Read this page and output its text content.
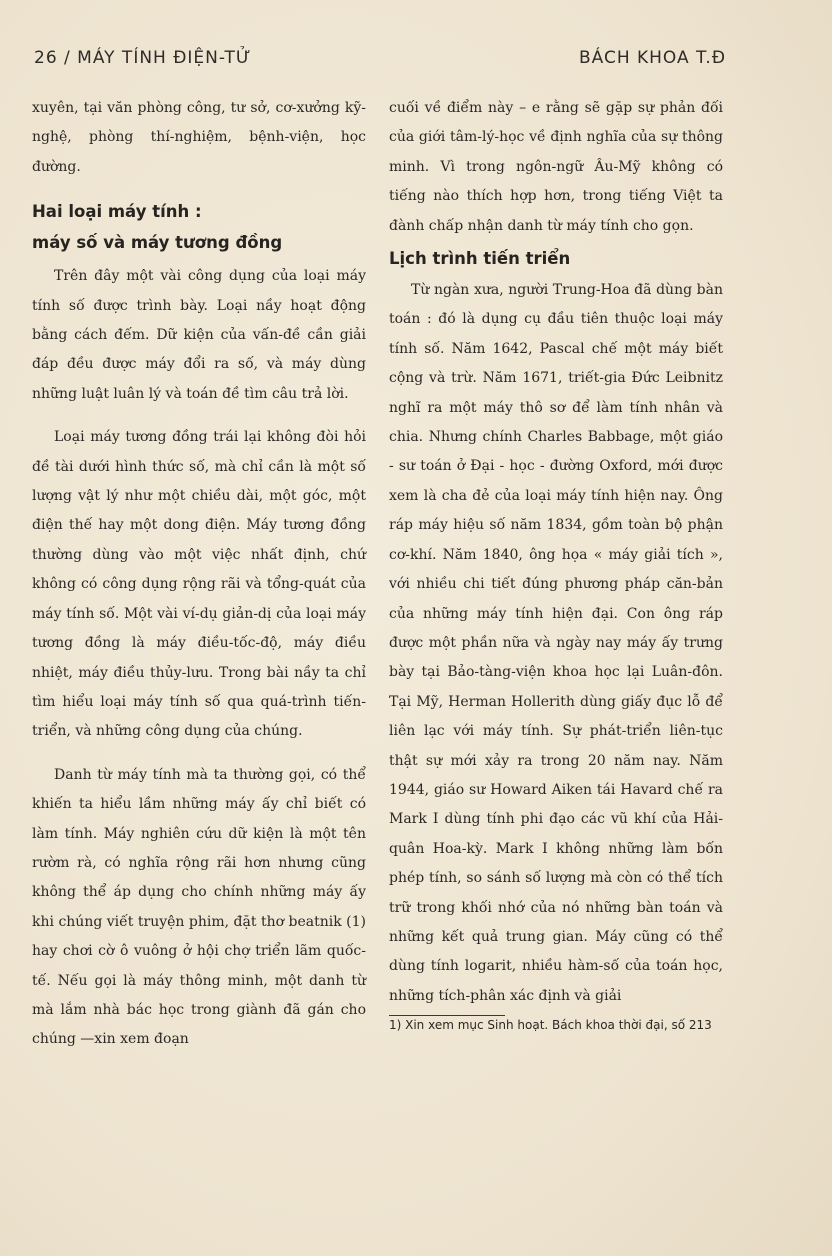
26 / MÁY TÍNH ĐIỆN-TỬ	BÁCH KHOA T.Đ

xuyên, tại văn phòng công, tư sở, cơ-xưởng kỹ-nghệ, phòng thí-nghiệm, bệnh-viện, học đường.

Hai loại máy tính :
máy số và máy tương đồng

Trên đây một vài công dụng của loại máy tính số được trình bày. Loại nầy hoạt động bằng cách đếm. Dữ kiện của vấn-đề cần giải đáp đều được máy đổi ra số, và máy dùng những luật luân lý và toán đề tìm câu trả lời.

Loại máy tương đồng trái lại không đòi hỏi đề tài dưới hình thức số, mà chỉ cần là một số lượng vật lý như một chiều dài, một góc, một điện thế hay một dong điện. Máy tương đồng thường dùng vào một việc nhất định, chứ không có công dụng rộng rãi và tổng-quát của máy tính số. Một vài ví-dụ giản-dị của loại máy tương đồng là máy điều-tốc-độ, máy điều nhiệt, máy điều thủy-lưu. Trong bài nầy ta chỉ tìm hiểu loại máy tính số qua quá-trình tiến-triển, và những công dụng của chúng.

Danh từ máy tính mà ta thường gọi, có thể khiến ta hiểu lầm những máy ấy chỉ biết có làm tính. Máy nghiên cứu dữ kiện là một tên rườm rà, có nghĩa rộng rãi hơn nhưng cũng không thể áp dụng cho chính những máy ấy khi chúng viết truyện phim, đặt thơ beatnik (1) hay chơi cờ ô vuông ở hội chợ triển lãm quốc-tế. Nếu gọi là máy thông minh, một danh từ mà lắm nhà bác học trong giành đã gán cho chúng —xin xem đoạn

cuối về điểm này – e rằng sẽ gặp sự phản đối của giới tâm-lý-học về định nghĩa của sự thông minh. Vì trong ngôn-ngữ Âu-Mỹ không có tiếng nào thích hợp hơn, trong tiếng Việt ta đành chấp nhận danh từ máy tính cho gọn.

Lịch trình tiến triển

Từ ngàn xưa, người Trung-Hoa đã dùng bàn toán : đó là dụng cụ đầu tiên thuộc loại máy tính số. Năm 1642, Pascal chế một máy biết cộng và trừ. Năm 1671, triết-gia Đức Leibnitz nghĩ ra một máy thô sơ để làm tính nhân và chia. Nhưng chính Charles Babbage, một giáo - sư toán ở Đại - học - đường Oxford, mới được xem là cha đẻ của loại máy tính hiện nay. Ông ráp máy hiệu số năm 1834, gồm toàn bộ phận cơ-khí. Năm 1840, ông họa « máy giải tích », với nhiều chi tiết đúng phương pháp căn-bản của những máy tính hiện đại. Con ông ráp được một phần nữa và ngày nay máy ấy trưng bày tại Bảo-tàng-viện khoa học lại Luân-đôn. Tại Mỹ, Herman Hollerith dùng giấy đục lỗ để liên lạc với máy tính. Sự phát-triển liên-tục thật sự mới xảy ra trong 20 năm nay. Năm 1944, giáo sư Howard Aiken tái Havard chế ra Mark I dùng tính phi đạo các vũ khí của Hải-quân Hoa-kỳ. Mark I không những làm bốn phép tính, so sánh số lượng mà còn có thể tích trữ trong khối nhớ của nó những bàn toán và những kết quả trung gian. Máy cũng có thể dùng tính logarit, nhiều hàm-số của toán học, những tích-phân xác định và giải

1) Xin xem mục Sinh hoạt. Bách khoa thời đại, số 213
